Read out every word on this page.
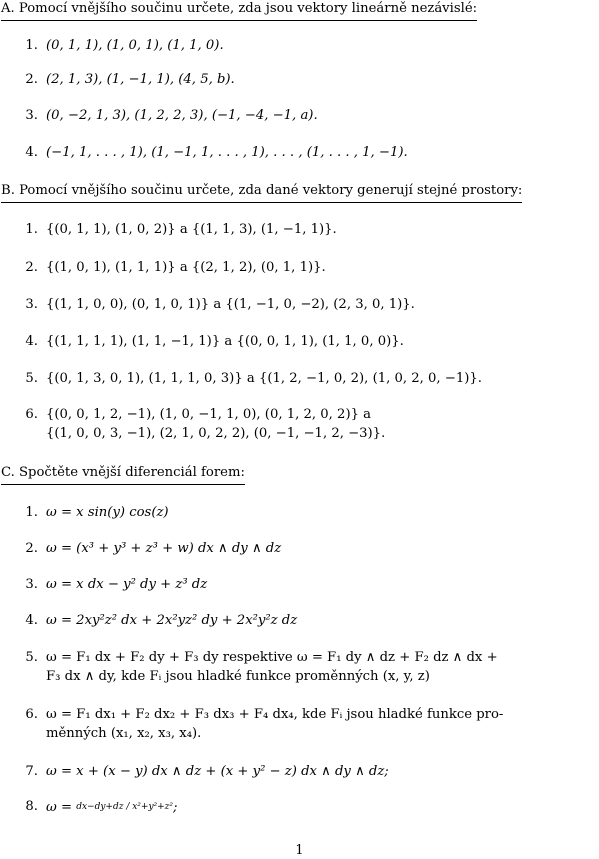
A. Pomocí vnějšího součinu určete, zda jsou vektory lineárně nezávislé:
1. (0, 1, 1), (1, 0, 1), (1, 1, 0).
2. (2, 1, 3), (1, −1, 1), (4, 5, b).
3. (0, −2, 1, 3), (1, 2, 2, 3), (−1, −4, −1, a).
4. (−1, 1, . . . , 1), (1, −1, 1, . . . , 1), . . . , (1, . . . , 1, −1).
B. Pomocí vnějšího součinu určete, zda dané vektory generují stejné prostory:
1. {(0, 1, 1), (1, 0, 2)} a {(1, 1, 3), (1, −1, 1)}.
2. {(1, 0, 1), (1, 1, 1)} a {(2, 1, 2), (0, 1, 1)}.
3. {(1, 1, 0, 0), (0, 1, 0, 1)} a {(1, −1, 0, −2), (2, 3, 0, 1)}.
4. {(1, 1, 1, 1), (1, 1, −1, 1)} a {(0, 0, 1, 1), (1, 1, 0, 0)}.
5. {(0, 1, 3, 0, 1), (1, 1, 1, 0, 3)} a {(1, 2, −1, 0, 2), (1, 0, 2, 0, −1)}.
6. {(0, 0, 1, 2, −1), (1, 0, −1, 1, 0), (0, 1, 2, 0, 2)} a
{(1, 0, 0, 3, −1), (2, 1, 0, 2, 2), (0, −1, −1, 2, −3)}.
C. Spočtěte vnější diferenciál forem:
1. ω = x sin(y) cos(z)
2. ω = (x³ + y³ + z³ + w) dx ∧ dy ∧ dz
3. ω = x dx − y² dy + z³ dz
4. ω = 2xy²z² dx + 2x²yz² dy + 2x²y²z dz
5. ω = F₁ dx + F₂ dy + F₃ dy respektive ω = F₁ dy ∧ dz + F₂ dz ∧ dx +
F₃ dx ∧ dy, kde Fᵢ jsou hladké funkce proměnných (x, y, z)
6. ω = F₁ dx₁ + F₂ dx₂ + F₃ dx₃ + F₄ dx₄, kde Fᵢ jsou hladké funkce pro-
měnných (x₁, x₂, x₃, x₄).
7. ω = x + (x − y) dx ∧ dz + (x + y² − z) dx ∧ dy ∧ dz;
8. ω = dx−dy+dz / x²+y²+z²;
1
